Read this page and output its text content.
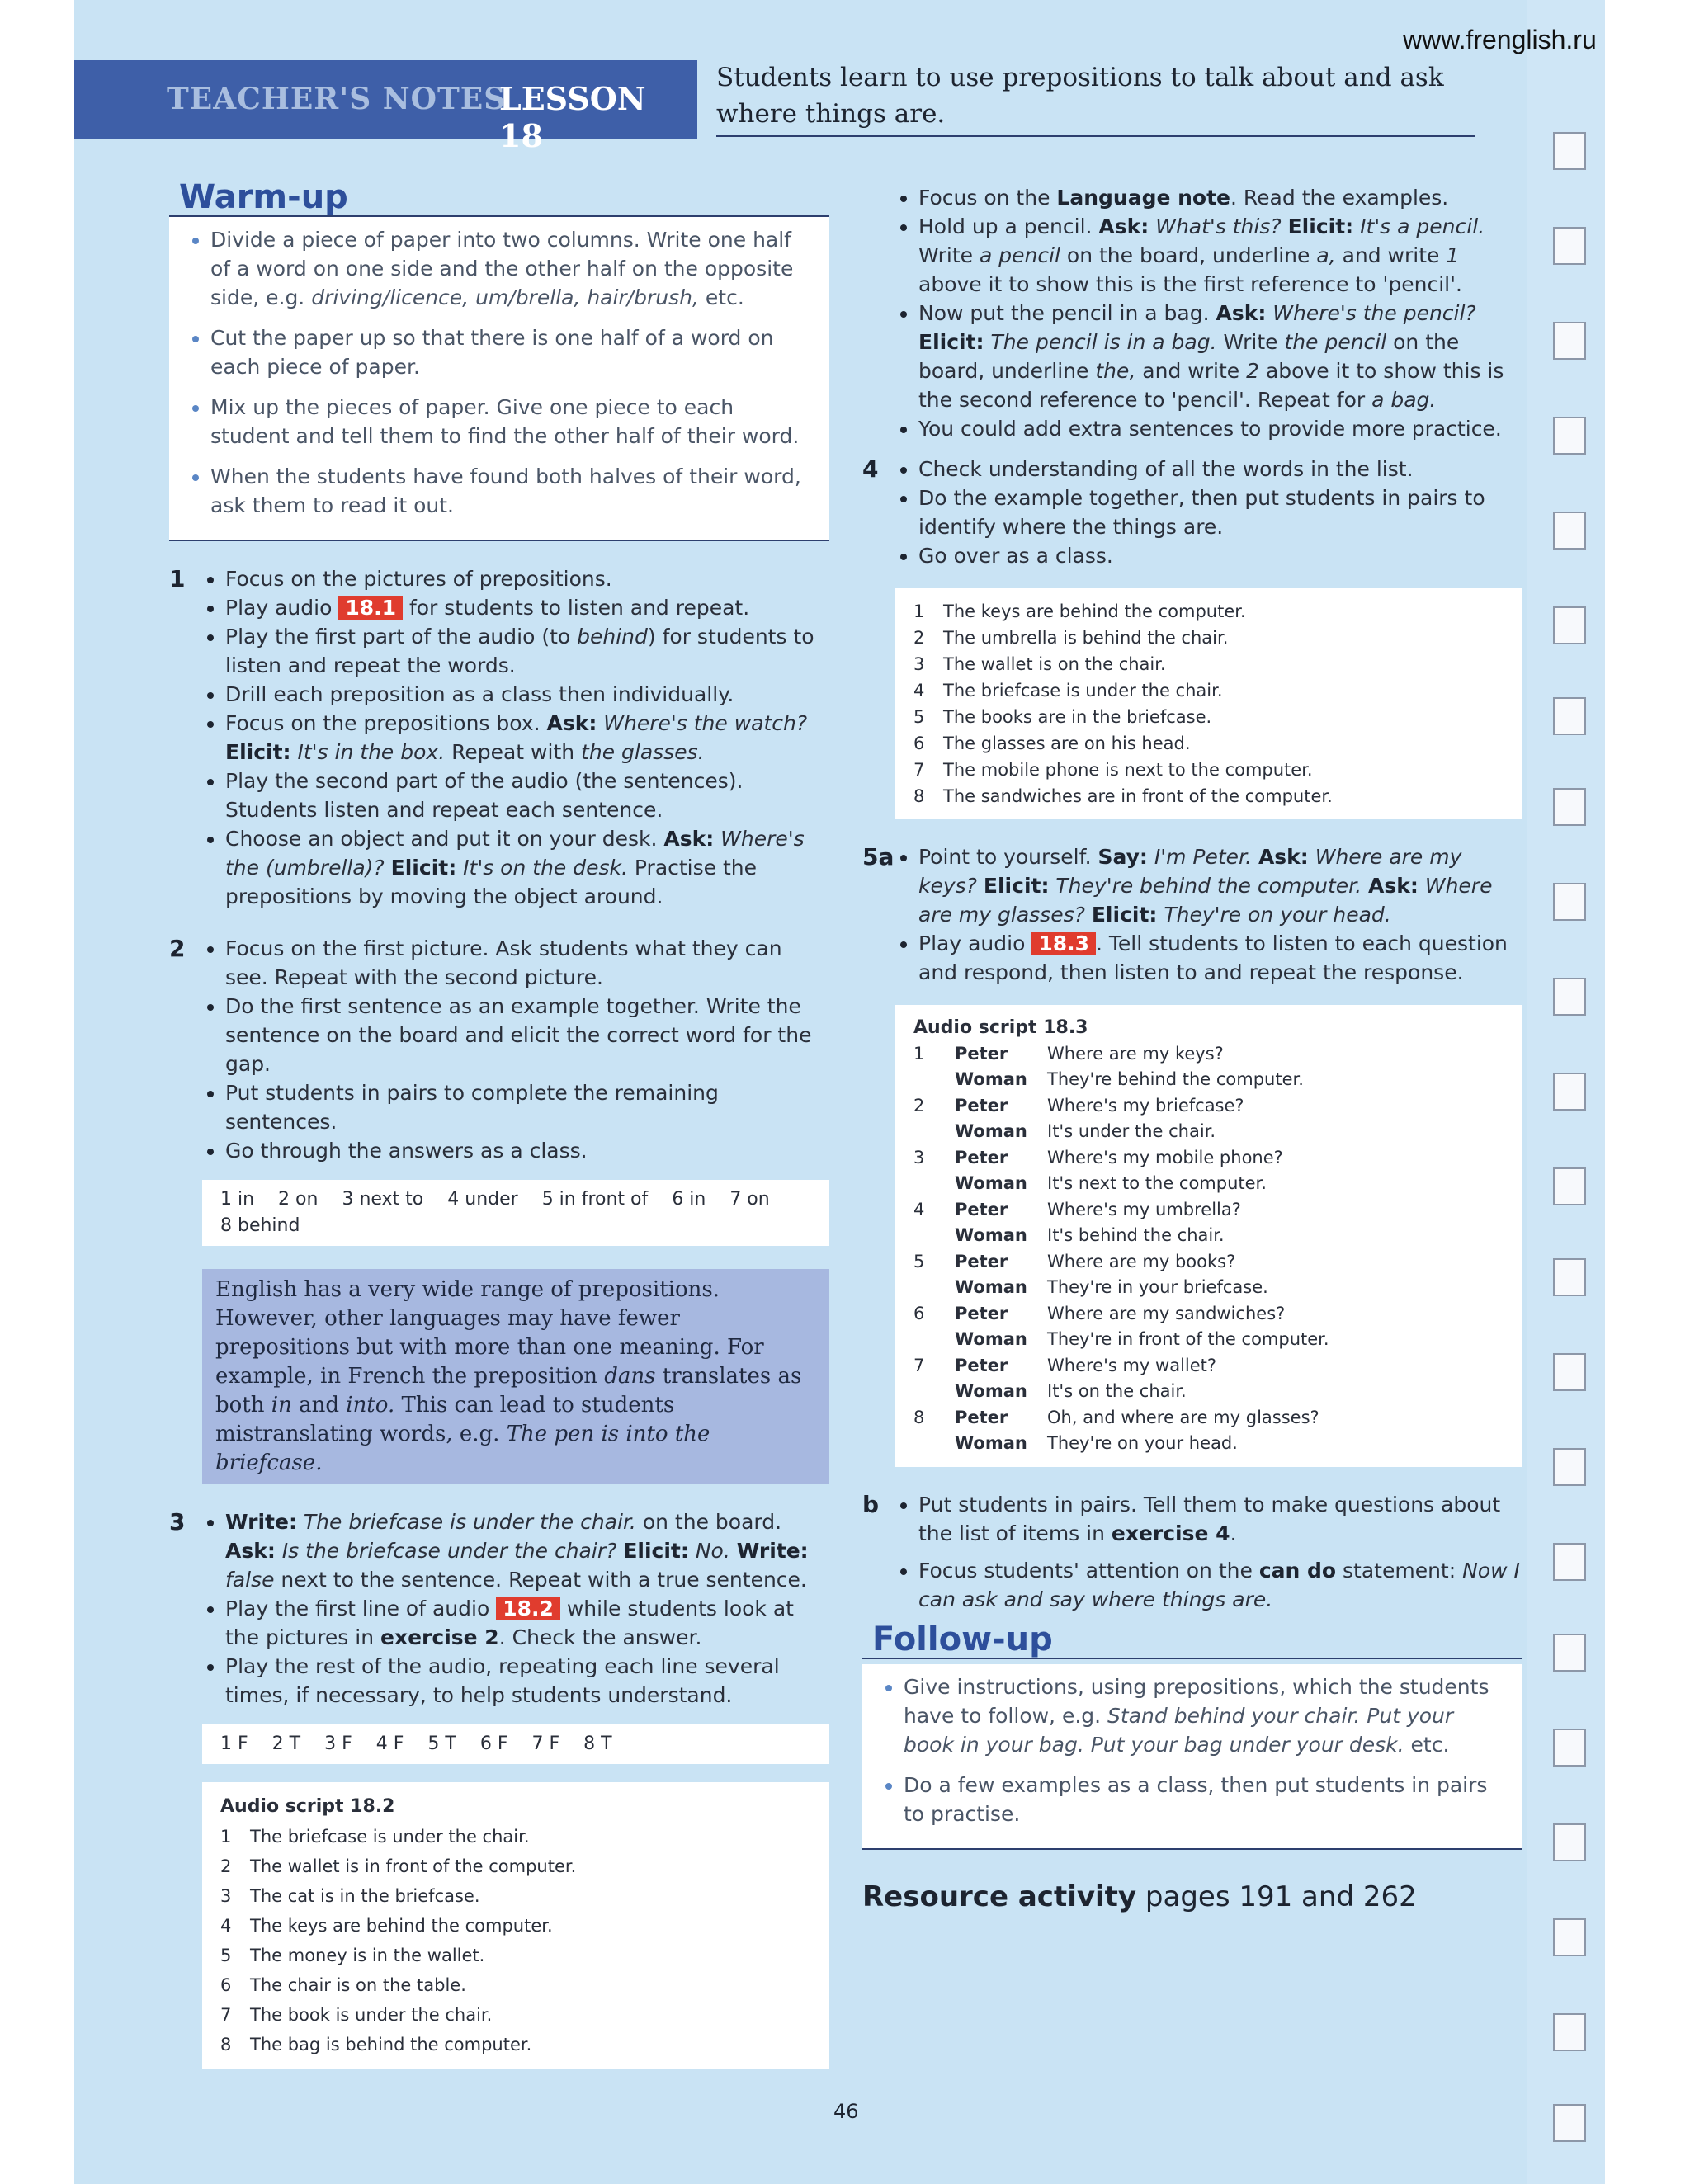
www.frenglish.ru
TEACHER'S NOTES
LESSON 18
Students learn to use prepositions to talk about and ask where things are.
Warm-up
• Divide a piece of paper into two columns. Write one half of a word on one side and the other half on the opposite side, e.g. driving/licence, um/brella, hair/brush, etc.
• Cut the paper up so that there is one half of a word on each piece of paper.
• Mix up the pieces of paper. Give one piece to each student and tell them to find the other half of their word.
• When the students have found both halves of their word, ask them to read it out.
1	• Focus on the pictures of prepositions.
• Play audio 18.1 for students to listen and repeat.
• Play the first part of the audio (to behind) for students to listen and repeat the words.
• Drill each preposition as a class then individually.
• Focus on the prepositions box. Ask: Where's the watch? Elicit: It's in the box. Repeat with the glasses.
• Play the second part of the audio (the sentences). Students listen and repeat each sentence.
• Choose an object and put it on your desk. Ask: Where's the (umbrella)? Elicit: It's on the desk. Practise the prepositions by moving the object around.
2	• Focus on the first picture. Ask students what they can see. Repeat with the second picture.
• Do the first sentence as an example together. Write the sentence on the board and elicit the correct word for the gap.
• Put students in pairs to complete the remaining sentences.
• Go through the answers as a class.
1 in 2 on 3 next to 4 under 5 in front of 6 in 7 on 8 behind
English has a very wide range of prepositions. However, other languages may have fewer prepositions but with more than one meaning. For example, in French the preposition dans translates as both in and into. This can lead to students mistranslating words, e.g. The pen is into the briefcase.
3	• Write: The briefcase is under the chair. on the board. Ask: Is the briefcase under the chair? Elicit: No. Write: false next to the sentence. Repeat with a true sentence.
• Play the first line of audio 18.2 while students look at the pictures in exercise 2. Check the answer.
• Play the rest of the audio, repeating each line several times, if necessary, to help students understand.
1 F 2 T 3 F 4 F 5 T 6 F 7 F 8 T
Audio script 18.2
1	The briefcase is under the chair.
2	The wallet is in front of the computer.
3	The cat is in the briefcase.
4	The keys are behind the computer.
5	The money is in the wallet.
6	The chair is on the table.
7	The book is under the chair.
8	The bag is behind the computer.
• Focus on the Language note. Read the examples.
• Hold up a pencil. Ask: What's this? Elicit: It's a pencil. Write a pencil on the board, underline a, and write 1 above it to show this is the first reference to 'pencil'.
• Now put the pencil in a bag. Ask: Where's the pencil? Elicit: The pencil is in a bag. Write the pencil on the board, underline the, and write 2 above it to show this is the second reference to 'pencil'. Repeat for a bag.
• You could add extra sentences to provide more practice.
4	• Check understanding of all the words in the list.
• Do the example together, then put students in pairs to identify where the things are.
• Go over as a class.
1	The keys are behind the computer.
2	The umbrella is behind the chair.
3	The wallet is on the chair.
4	The briefcase is under the chair.
5	The books are in the briefcase.
6	The glasses are on his head.
7	The mobile phone is next to the computer.
8	The sandwiches are in front of the computer.
5a • Point to yourself. Say: I'm Peter. Ask: Where are my keys? Elicit: They're behind the computer. Ask: Where are my glasses? Elicit: They're on your head.
• Play audio 18.3 . Tell students to listen to each question and respond, then listen to and repeat the response.
Audio script 18.3
1	Peter	Where are my keys?
Woman	They're behind the computer.
2	Peter	Where's my briefcase?
Woman	It's under the chair.
3	Peter	Where's my mobile phone?
Woman	It's next to the computer.
4	Peter	Where's my umbrella?
Woman	It's behind the chair.
5	Peter	Where are my books?
Woman	They're in your briefcase.
6	Peter	Where are my sandwiches?
Woman	They're in front of the computer.
7	Peter	Where's my wallet?
Woman	It's on the chair.
8	Peter	Oh, and where are my glasses?
Woman	They're on your head.
b	• Put students in pairs. Tell them to make questions about the list of items in exercise 4.
• Focus students' attention on the can do statement: Now I can ask and say where things are.
Follow-up
• Give instructions, using prepositions, which the students have to follow, e.g. Stand behind your chair. Put your book in your bag. Put your bag under your desk. etc.
• Do a few examples as a class, then put students in pairs to practise.
Resource activity pages 191 and 262
46
